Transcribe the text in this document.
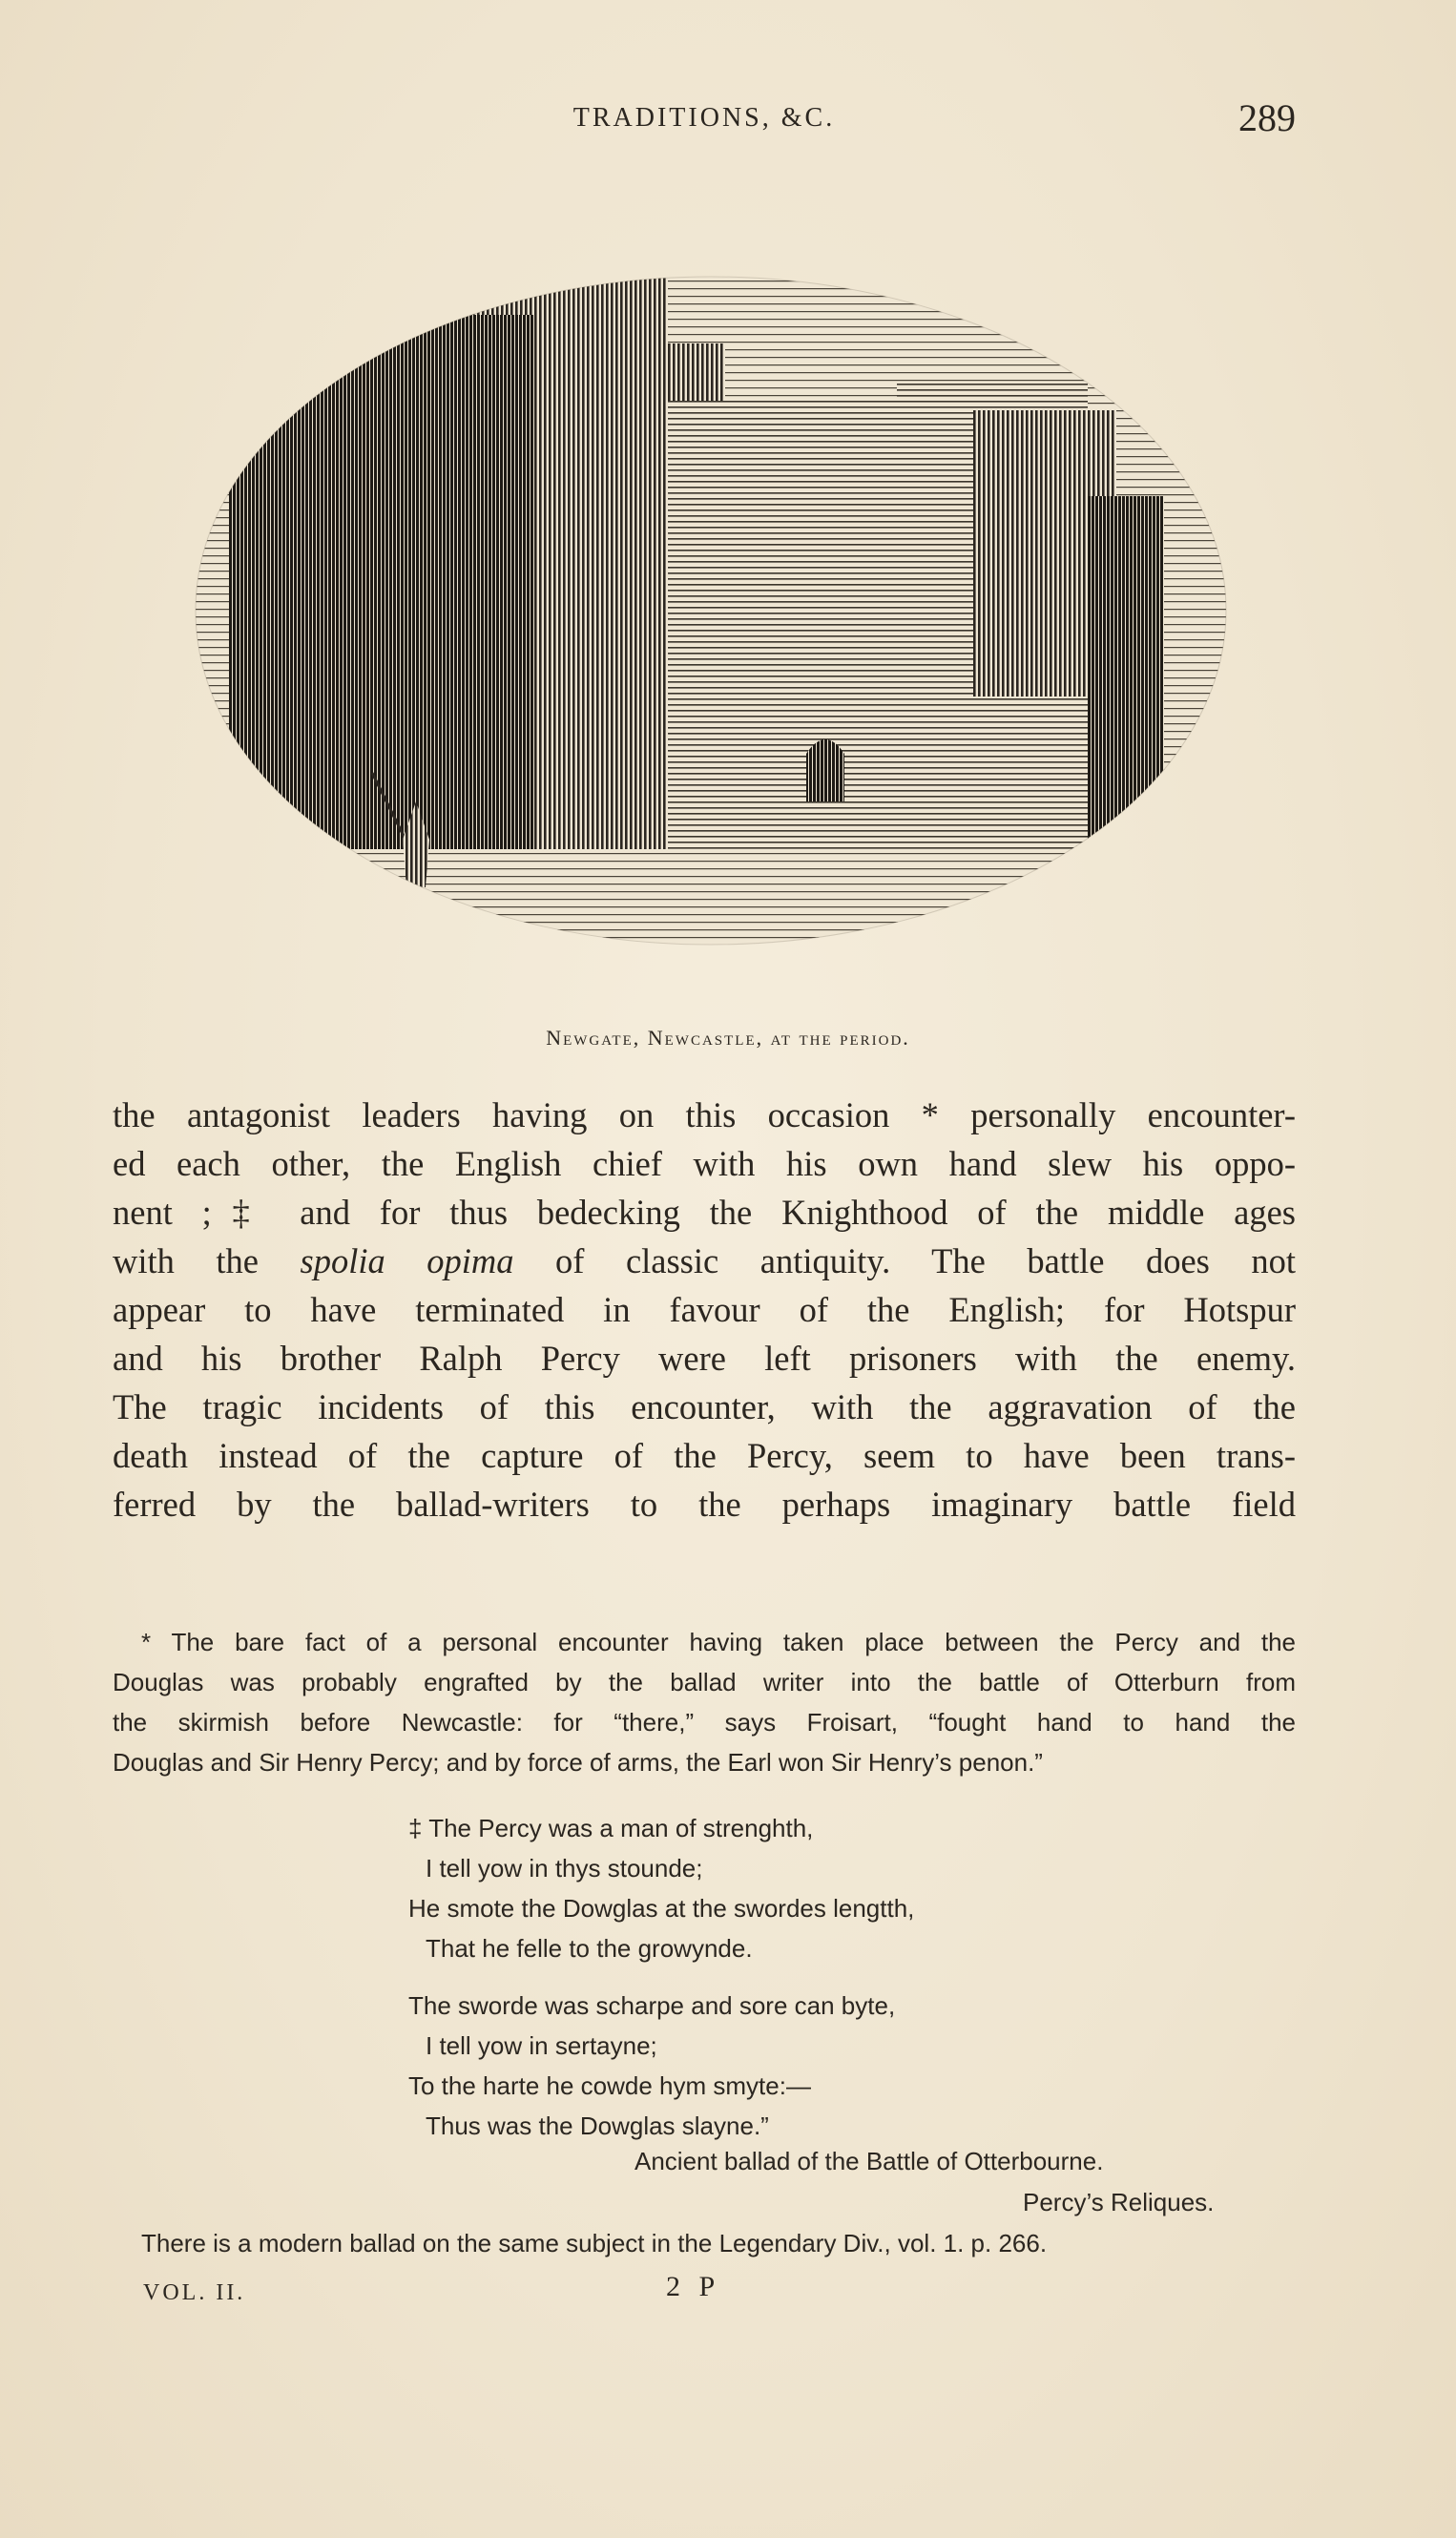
TRADITIONS, &C.	289
Newgate, Newcastle, at the period.
the antagonist leaders having on this occasion * personally encounter-
ed each other, the English chief with his own hand slew his oppo-
nent ;‡ and for thus bedecking the Knighthood of the middle ages
with the spolia opima of classic antiquity. The battle does not
appear to have terminated in favour of the English; for Hotspur
and his brother Ralph Percy were left prisoners with the enemy.
The tragic incidents of this encounter, with the aggravation of the
death instead of the capture of the Percy, seem to have been trans-
ferred by the ballad-writers to the perhaps imaginary battle field
* The bare fact of a personal encounter having taken place between the Percy and the
Douglas was probably engrafted by the ballad writer into the battle of Otterburn from
the skirmish before Newcastle: for “there,” says Froisart, “fought hand to hand the
Douglas and Sir Henry Percy; and by force of arms, the Earl won Sir Henry’s penon.”
‡ The Percy was a man of strenghth,
I tell yow in thys stounde;
He smote the Dowglas at the swordes lengtth,
That he felle to the growynde.
The sworde was scharpe and sore can byte,
I tell yow in sertayne;
To the harte he cowde hym smyte:—
Thus was the Dowglas slayne.”
Ancient ballad of the Battle of Otterbourne.
Percy’s Reliques.
There is a modern ballad on the same subject in the Legendary Div., vol. 1. p. 266.
VOL. II.	2 P
